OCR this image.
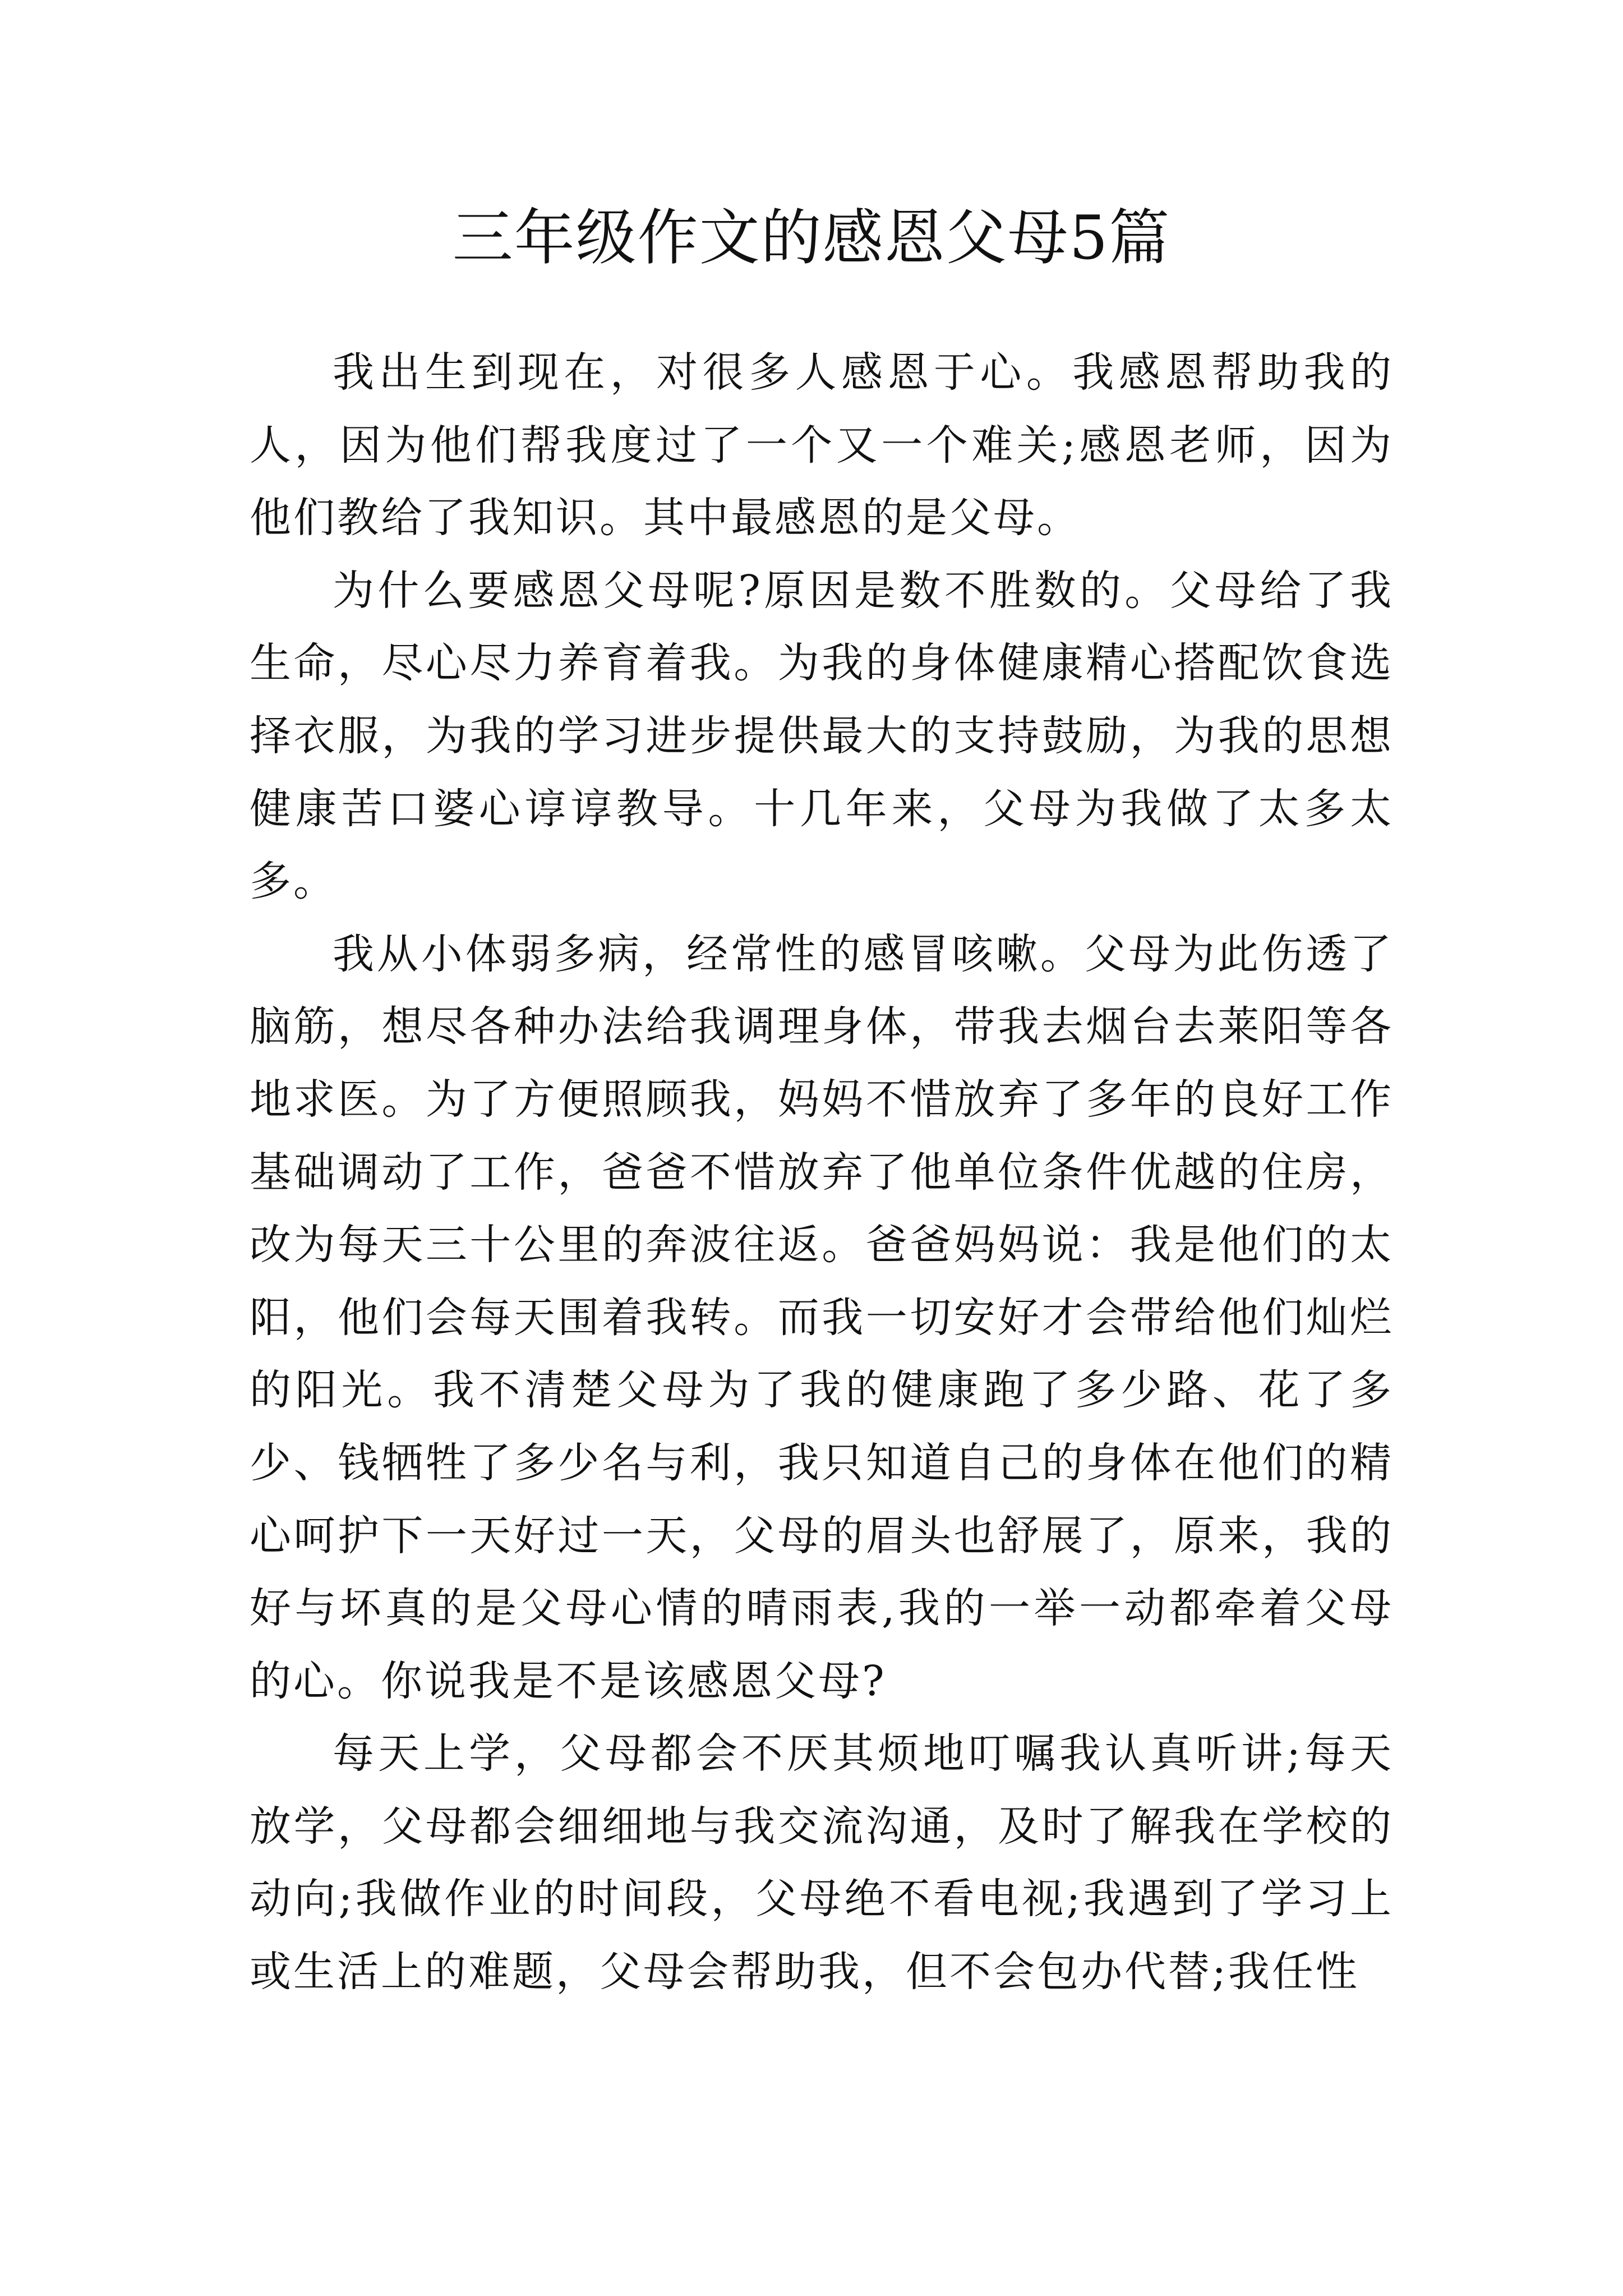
三年级作文的感恩父母5篇

我出生到现在，对很多人感恩于心。我感恩帮助我的人，因为他们帮我度过了一个又一个难关;感恩老师，因为他们教给了我知识。其中最感恩的是父母。

为什么要感恩父母呢?原因是数不胜数的。父母给了我生命，尽心尽力养育着我。为我的身体健康精心搭配饮食选择衣服，为我的学习进步提供最大的支持鼓励，为我的思想健康苦口婆心谆谆教导。十几年来，父母为我做了太多太多。

我从小体弱多病，经常性的感冒咳嗽。父母为此伤透了脑筋，想尽各种办法给我调理身体，带我去烟台去莱阳等各地求医。为了方便照顾我，妈妈不惜放弃了多年的良好工作基础调动了工作，爸爸不惜放弃了他单位条件优越的住房，改为每天三十公里的奔波往返。爸爸妈妈说：我是他们的太阳，他们会每天围着我转。而我一切安好才会带给他们灿烂的阳光。我不清楚父母为了我的健康跑了多少路、花了多少、钱牺牲了多少名与利，我只知道自己的身体在他们的精心呵护下一天好过一天，父母的眉头也舒展了，原来，我的好与坏真的是父母心情的晴雨表,我的一举一动都牵着父母的心。你说我是不是该感恩父母?

每天上学，父母都会不厌其烦地叮嘱我认真听讲;每天放学，父母都会细细地与我交流沟通，及时了解我在学校的动向;我做作业的时间段，父母绝不看电视;我遇到了学习上或生活上的难题，父母会帮助我，但不会包办代替;我任性
